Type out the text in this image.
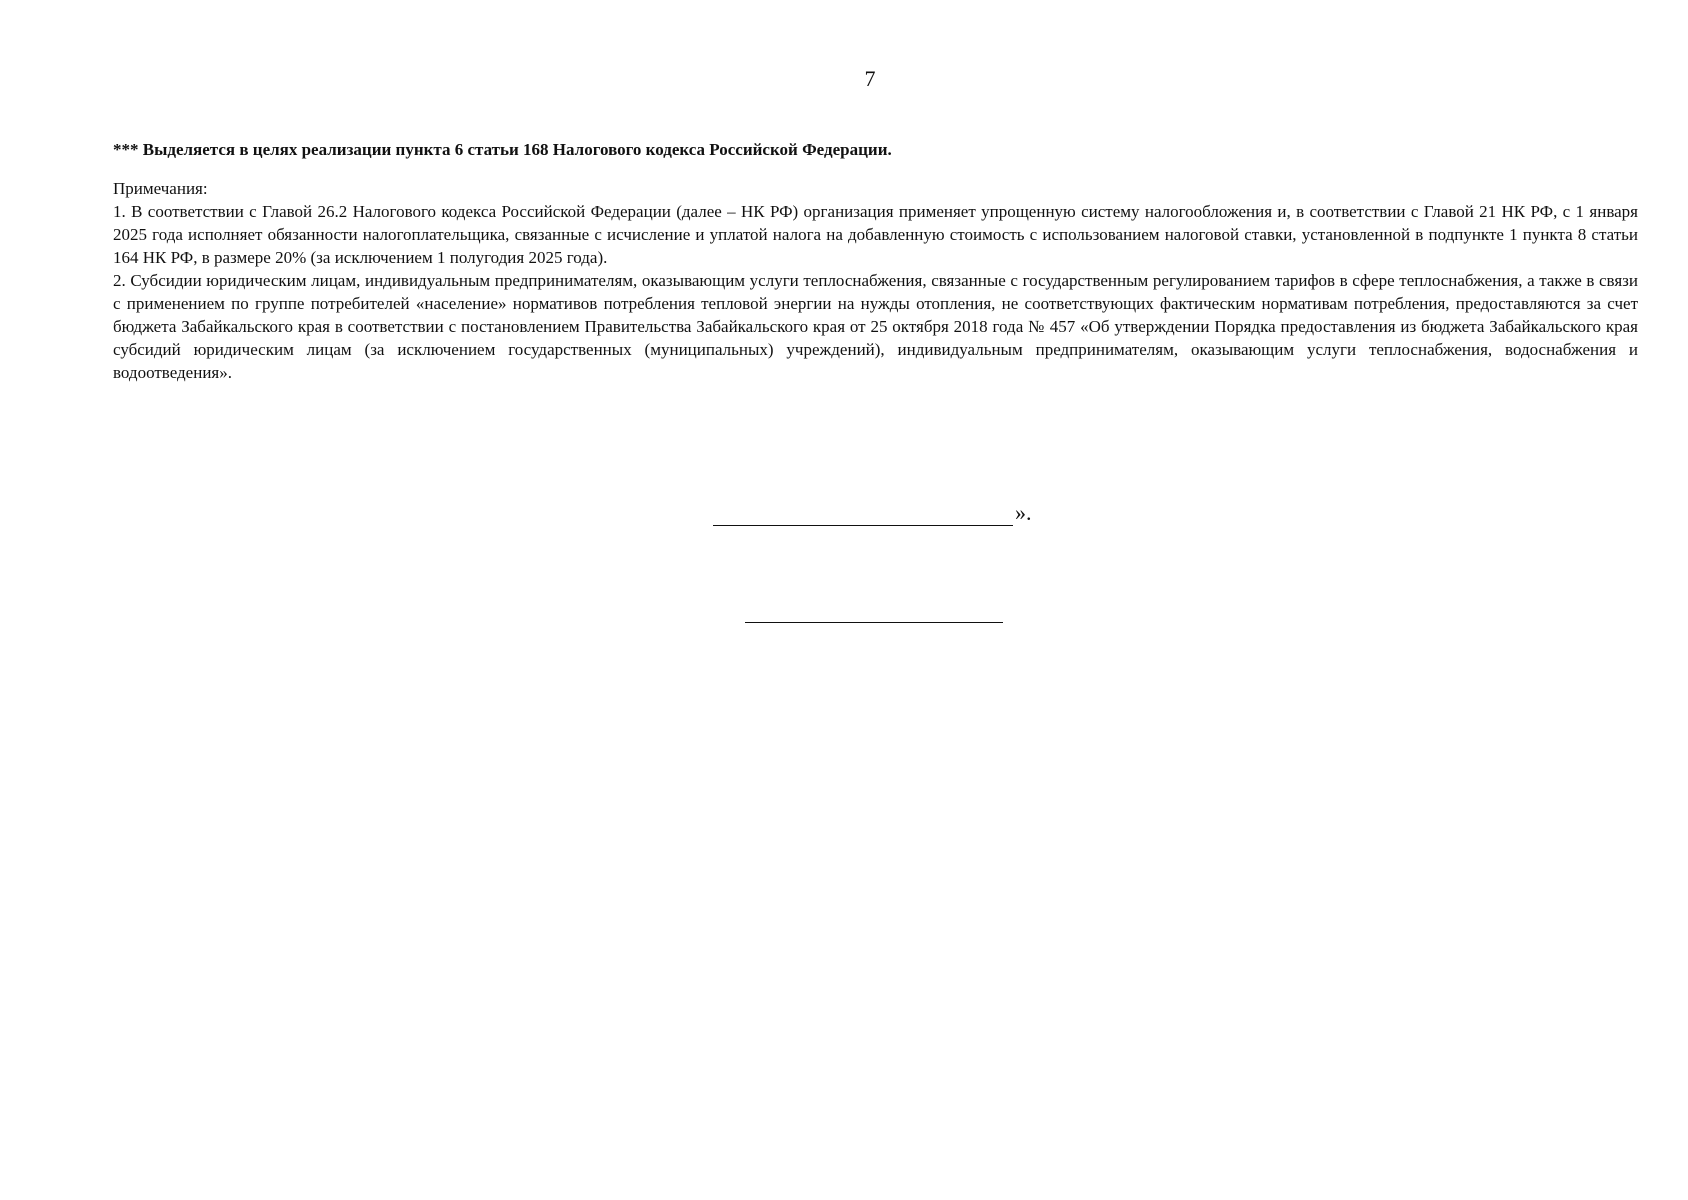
7

*** Выделяется в целях реализации пункта 6 статьи 168 Налогового кодекса Российской Федерации.

Примечания:

1. В соответствии с Главой 26.2 Налогового кодекса Российской Федерации (далее – НК РФ) организация применяет упрощенную систему налогообложения и, в соответствии с Главой 21 НК РФ, с 1 января 2025 года исполняет обязанности налогоплательщика, связанные с исчисление и уплатой налога на добавленную стоимость с использованием налоговой ставки, установленной в подпункте 1 пункта 8 статьи 164 НК РФ, в размере 20% (за исключением 1 полугодия 2025 года).

2. Субсидии юридическим лицам, индивидуальным предпринимателям, оказывающим услуги теплоснабжения, связанные с государственным регулированием тарифов в сфере теплоснабжения, а также в связи с применением по группе потребителей «население» нормативов потребления тепловой энергии на нужды отопления, не соответствующих фактическим нормативам потребления, предоставляются за счет бюджета Забайкальского края в соответствии с постановлением Правительства Забайкальского края от 25 октября 2018 года № 457 «Об утверждении Порядка предоставления из бюджета Забайкальского края субсидий юридическим лицам (за исключением государственных (муниципальных) учреждений), индивидуальным предпринимателям, оказывающим услуги теплоснабжения, водоснабжения и водоотведения».

».
